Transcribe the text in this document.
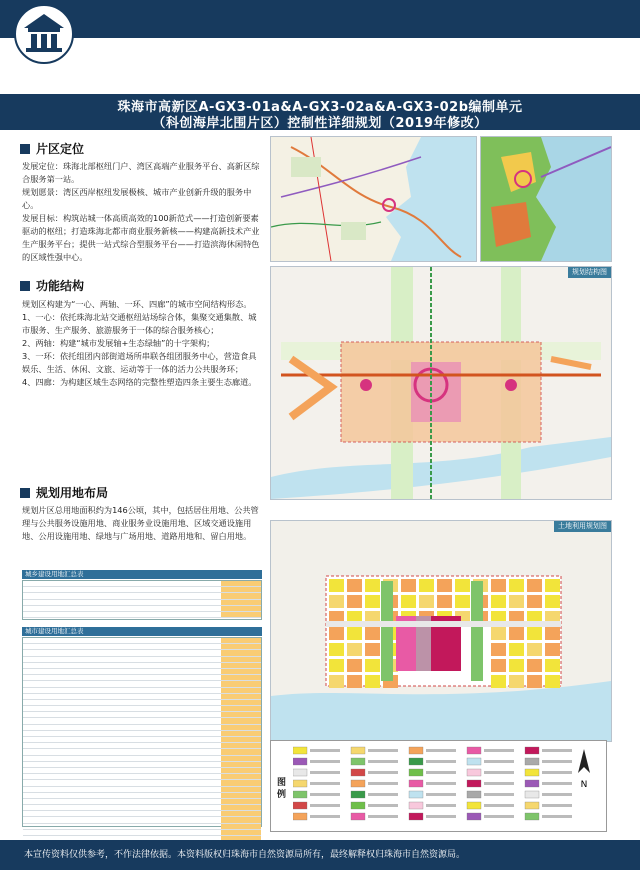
珠海市高新区A-GX3-01a&A-GX3-02a&A-GX3-02b编制单元
（科创海岸北围片区）控制性详细规划（2019年修改）
片区定位

发展定位：珠海北部枢纽门户、湾区高端产业服务平台、高新区综合服务第一站。

规划愿景：湾区西岸枢纽发展极核、城市产业创新升级的服务中心。

发展目标：构筑站城一体高质高效的100新范式——打造创新要素驱动的枢纽；打造珠海北都市商业服务新核——构建高新技术产业生产服务平台；提供一站式综合型服务平台——打造滨海休闲特色的区域性强中心。

功能结构

规划区构建为“一心、两轴、一环、四廊”的城市空间结构形态。

1、一心：依托珠海北站交通枢纽站场综合体，集聚交通集散、城市服务、生产服务、旅游服务于一体的综合服务核心；

2、两轴：构建“城市发展轴+生态绿轴”的十字架构；

3、一环：依托组团内部街道场所串联各组团服务中心，营造食具娱乐、生活、休闲、文旅、运动等于一体的活力公共服务环；

4、四廊：为构建区域生态网络的完整性塑造四条主要生态廊道。

规划结构图
规划用地布局

规划片区总用地面积约为146公顷，其中，包括居住用地、公共管理与公共服务设施用地、商业服务业设施用地、区域交通设施用地、公用设施用地、绿地与广场用地、道路用地和、留白用地。

城乡建设用地汇总表
城市建设用地汇总表
土地利用规划图
图例
N
本宣传资料仅供参考，不作法律依据。本资料版权归珠海市自然资源局所有，最终解释权归珠海市自然资源局。
